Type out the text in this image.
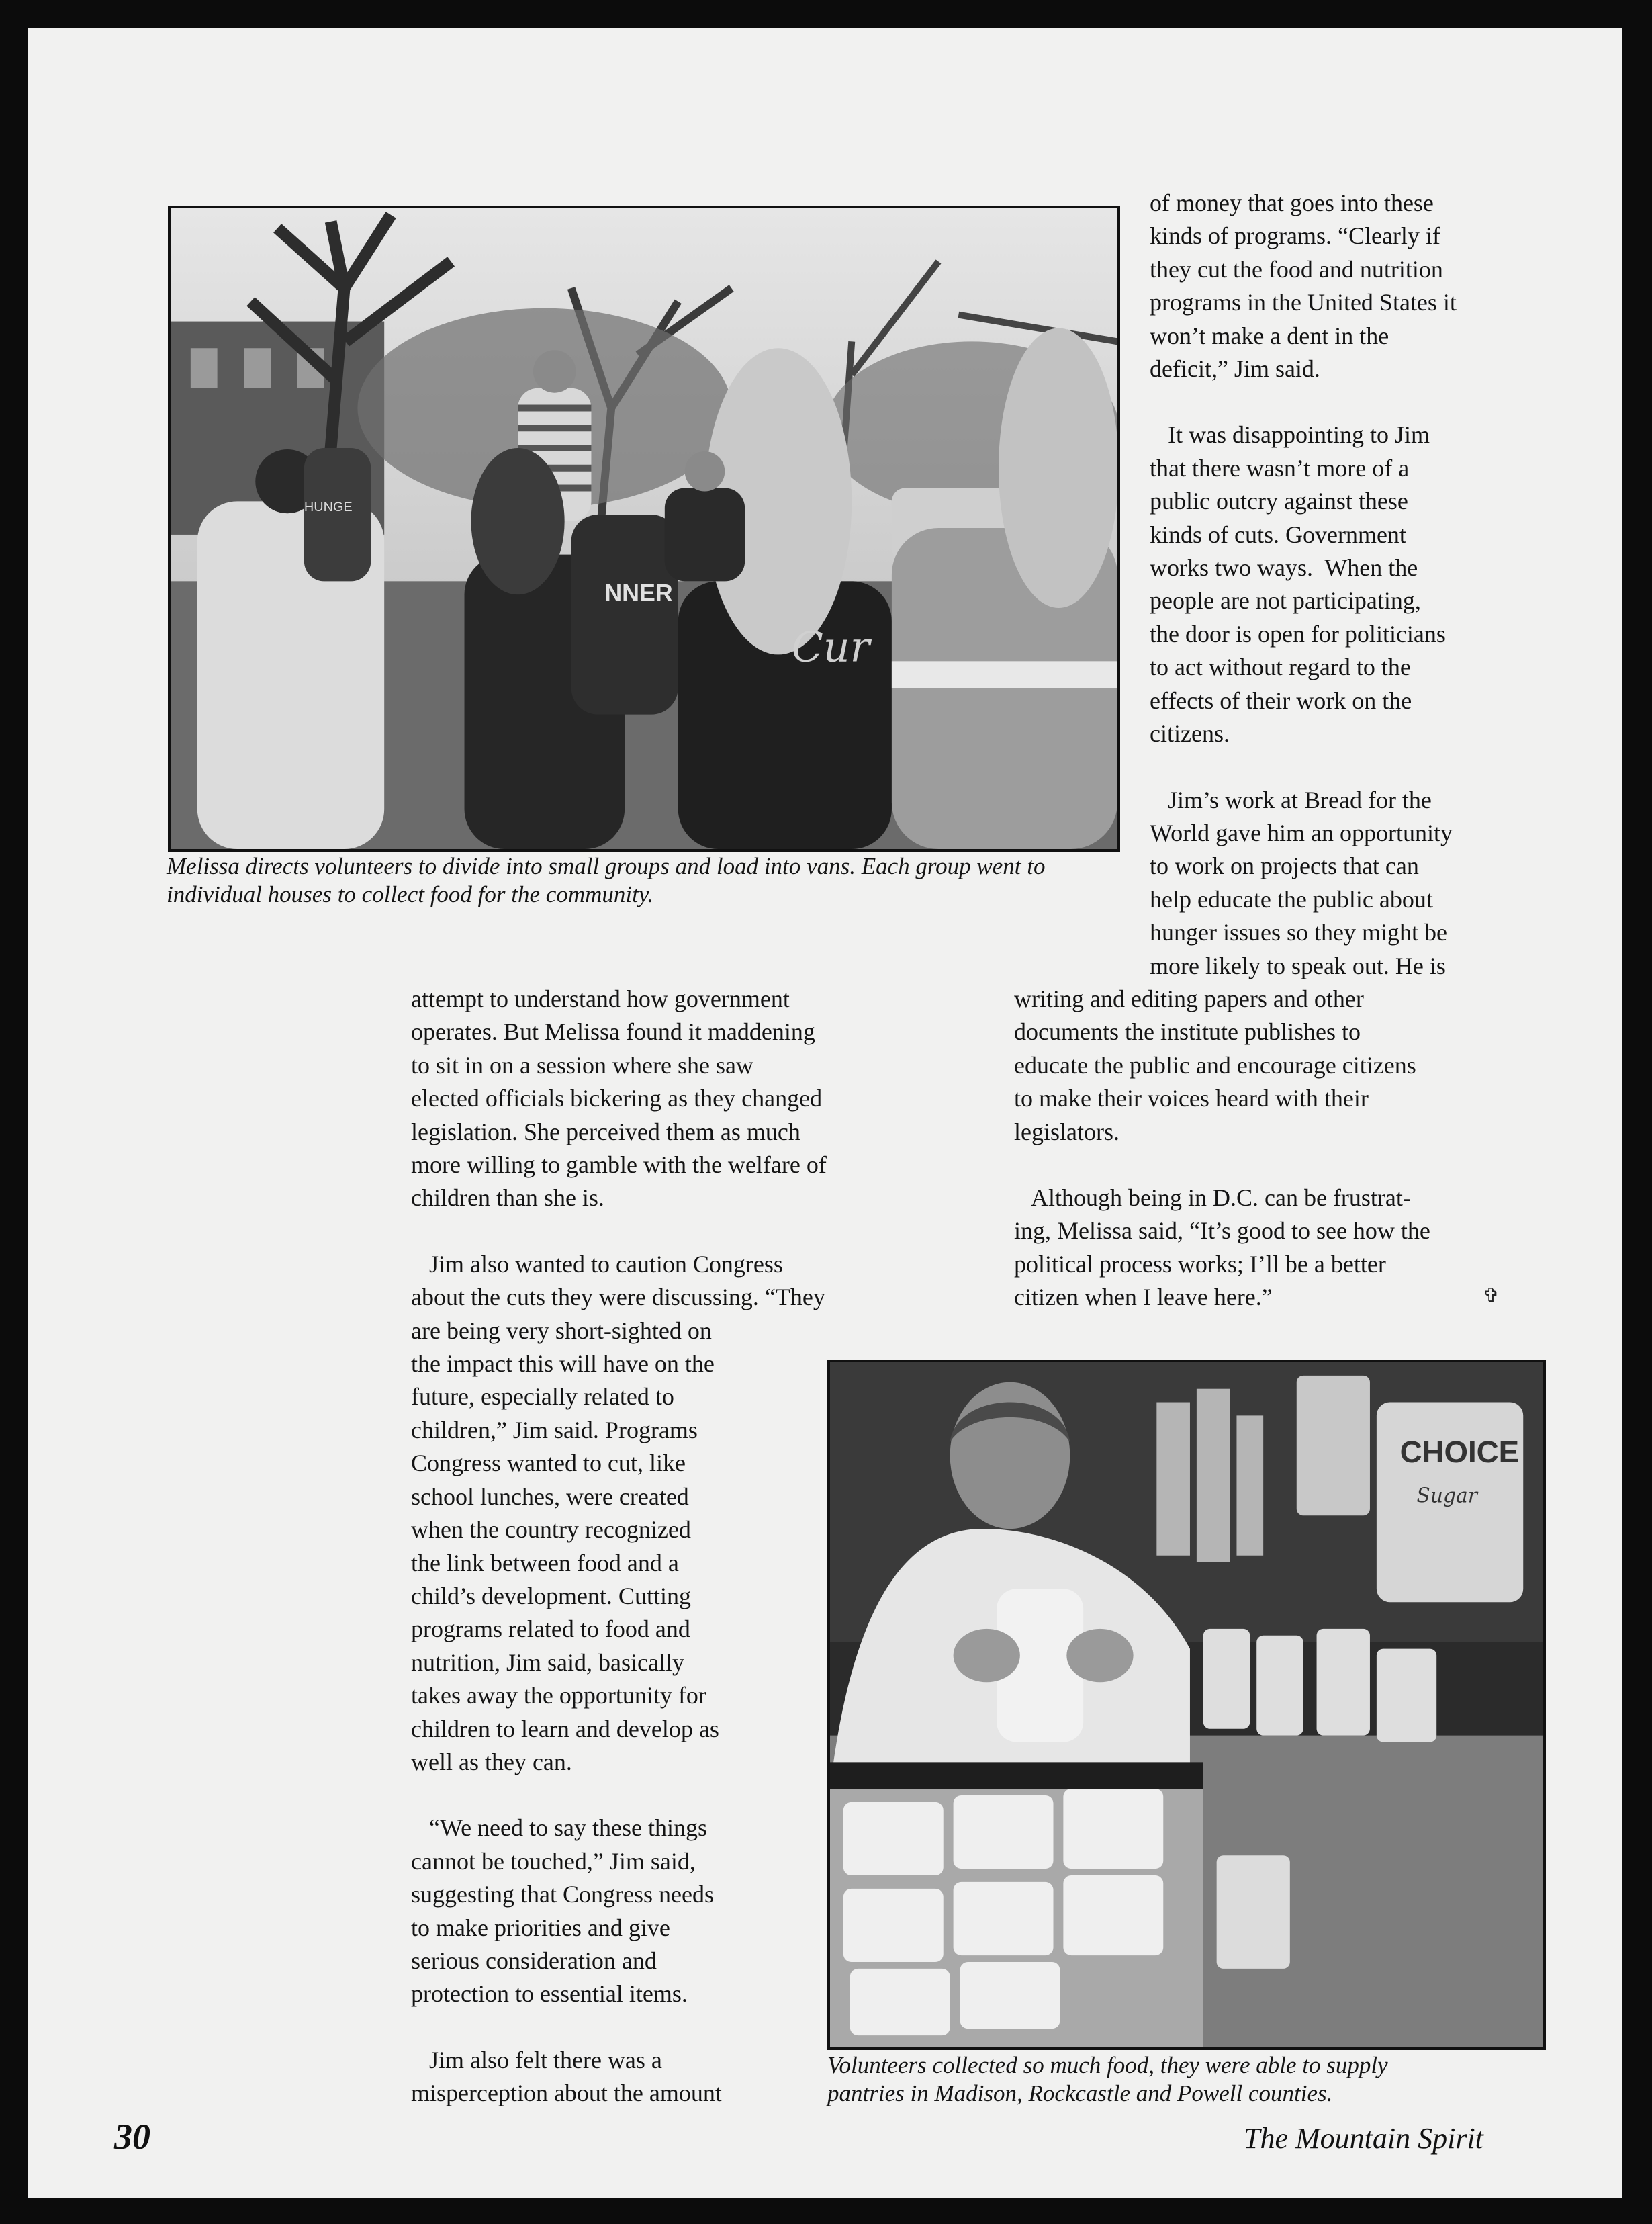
NNER
Cur
HUNGE

Melissa directs volunteers to divide into small groups and load into vans. Each group went to
individual houses to collect food for the community.

of money that goes into these

kinds of programs. “Clearly if

they cut the food and nutrition

programs in the United States it

won’t make a dent in the

deficit,” Jim said.

It was disappointing to Jim

that there wasn’t more of a

public outcry against these

kinds of cuts. Government

works two ways.  When the

people are not participating,

the door is open for politicians

to act without regard to the

effects of their work on the

citizens.

Jim’s work at Bread for the

World gave him an opportunity

to work on projects that can

help educate the public about

hunger issues so they might be

more likely to speak out. He is

writing and editing papers and other

documents the institute publishes to

educate the public and encourage citizens

to make their voices heard with their

legislators.

Although being in D.C. can be frustrat-

ing, Melissa said, “It’s good to see how the

political process works; I’ll be a better

citizen when I leave here.”	✞

attempt to understand how government

operates. But Melissa found it maddening

to sit in on a session where she saw

elected officials bickering as they changed

legislation. She perceived them as much

more willing to gamble with the welfare of

children than she is.

Jim also wanted to caution Congress

about the cuts they were discussing. “They

are being very short-sighted on

the impact this will have on the

future, especially related to

children,” Jim said. Programs

Congress wanted to cut, like

school lunches, were created

when the country recognized

the link between food and a

child’s development. Cutting

programs related to food and

nutrition, Jim said, basically

takes away the opportunity for

children to learn and develop as

well as they can.

“We need to say these things

cannot be touched,” Jim said,

suggesting that Congress needs

to make priorities and give

serious consideration and

protection to essential items.

Jim also felt there was a

misperception about the amount

CHOICE
Sugar

Volunteers collected so much food, they were able to supply
pantries in Madison, Rockcastle and Powell counties.

30	The Mountain Spirit
